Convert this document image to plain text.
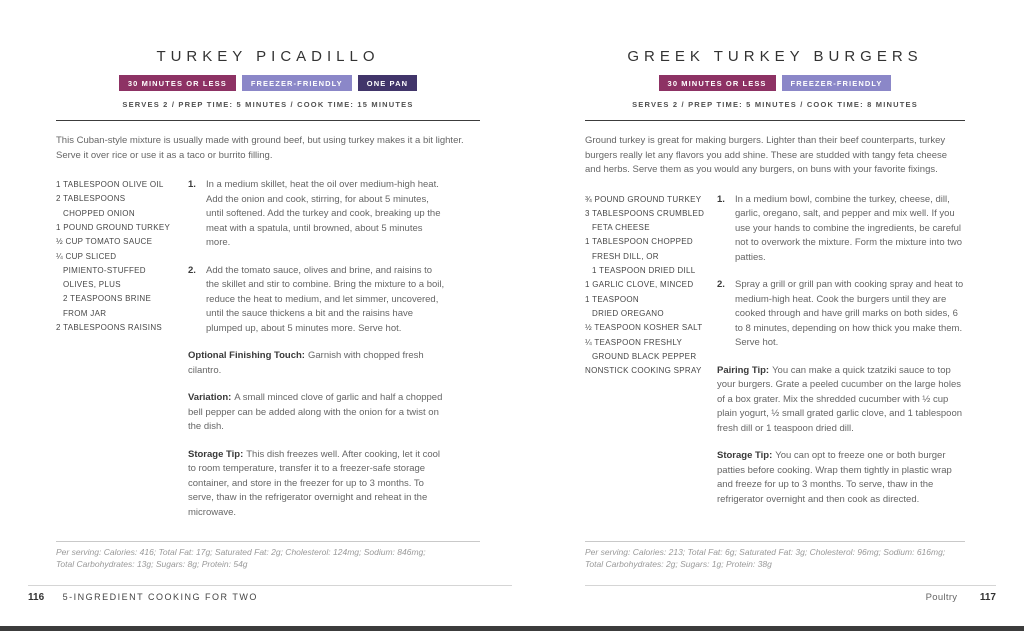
TURKEY PICADILLO
30 MINUTES OR LESS	FREEZER-FRIENDLY	ONE PAN
SERVES 2 / PREP TIME: 5 MINUTES / COOK TIME: 15 MINUTES

This Cuban-style mixture is usually made with ground beef, but using turkey makes it a bit lighter. Serve it over rice or use it as a taco or burrito filling.

1 TABLESPOON OLIVE OIL
2 TABLESPOONS
CHOPPED ONION
1 POUND GROUND TURKEY
½ CUP TOMATO SAUCE
¼ CUP SLICED
PIMIENTO-STUFFED
OLIVES, PLUS
2 TEASPOONS BRINE
FROM JAR
2 TABLESPOONS RAISINS
1.	In a medium skillet, heat the oil over medium-high heat. Add the onion and cook, stirring, for about 5 minutes, until softened. Add the turkey and cook, breaking up the meat with a spatula, until browned, about 5 minutes more.
2.	Add the tomato sauce, olives and brine, and raisins to the skillet and stir to combine. Bring the mixture to a boil, reduce the heat to medium, and let simmer, uncovered, until the sauce thickens a bit and the raisins have plumped up, about 5 minutes more. Serve hot.

Optional Finishing Touch: Garnish with chopped fresh cilantro.

Variation: A small minced clove of garlic and half a chopped bell pepper can be added along with the onion for a twist on the dish.

Storage Tip: This dish freezes well. After cooking, let it cool to room temperature, transfer it to a freezer-safe storage container, and store in the freezer for up to 3 months. To serve, thaw in the refrigerator overnight and reheat in the microwave.

Per serving: Calories: 416; Total Fat: 17g; Saturated Fat: 2g; Cholesterol: 124mg; Sodium: 846mg;
Total Carbohydrates: 13g; Sugars: 8g; Protein: 54g
116 5-INGREDIENT COOKING FOR TWO
GREEK TURKEY BURGERS
30 MINUTES OR LESS	FREEZER-FRIENDLY
SERVES 2 / PREP TIME: 5 MINUTES / COOK TIME: 8 MINUTES

Ground turkey is great for making burgers. Lighter than their beef counterparts, turkey burgers really let any flavors you add shine. These are studded with tangy feta cheese and herbs. Serve them as you would any burgers, on buns with your favorite fixings.

¾ POUND GROUND TURKEY
3 TABLESPOONS CRUMBLED
FETA CHEESE
1 TABLESPOON CHOPPED
FRESH DILL, OR
1 TEASPOON DRIED DILL
1 GARLIC CLOVE, MINCED
1 TEASPOON
DRIED OREGANO
½ TEASPOON KOSHER SALT
¼ TEASPOON FRESHLY
GROUND BLACK PEPPER
NONSTICK COOKING SPRAY
1.	In a medium bowl, combine the turkey, cheese, dill, garlic, oregano, salt, and pepper and mix well. If you use your hands to combine the ingredients, be careful not to overwork the mixture. Form the mixture into two patties.
2.	Spray a grill or grill pan with cooking spray and heat to medium-high heat. Cook the burgers until they are cooked through and have grill marks on both sides, 6 to 8 minutes, depending on how thick you make them. Serve hot.

Pairing Tip: You can make a quick tzatziki sauce to top your burgers. Grate a peeled cucumber on the large holes of a box grater. Mix the shredded cucumber with ½ cup plain yogurt, ½ small grated garlic clove, and 1 tablespoon fresh dill or 1 teaspoon dried dill.

Storage Tip: You can opt to freeze one or both burger patties before cooking. Wrap them tightly in plastic wrap and freeze for up to 3 months. To serve, thaw in the refrigerator overnight and then cook as directed.

Per serving: Calories: 213; Total Fat: 6g; Saturated Fat: 3g; Cholesterol: 96mg; Sodium: 616mg;
Total Carbohydrates: 2g; Sugars: 1g; Protein: 38g
Poultry 117
